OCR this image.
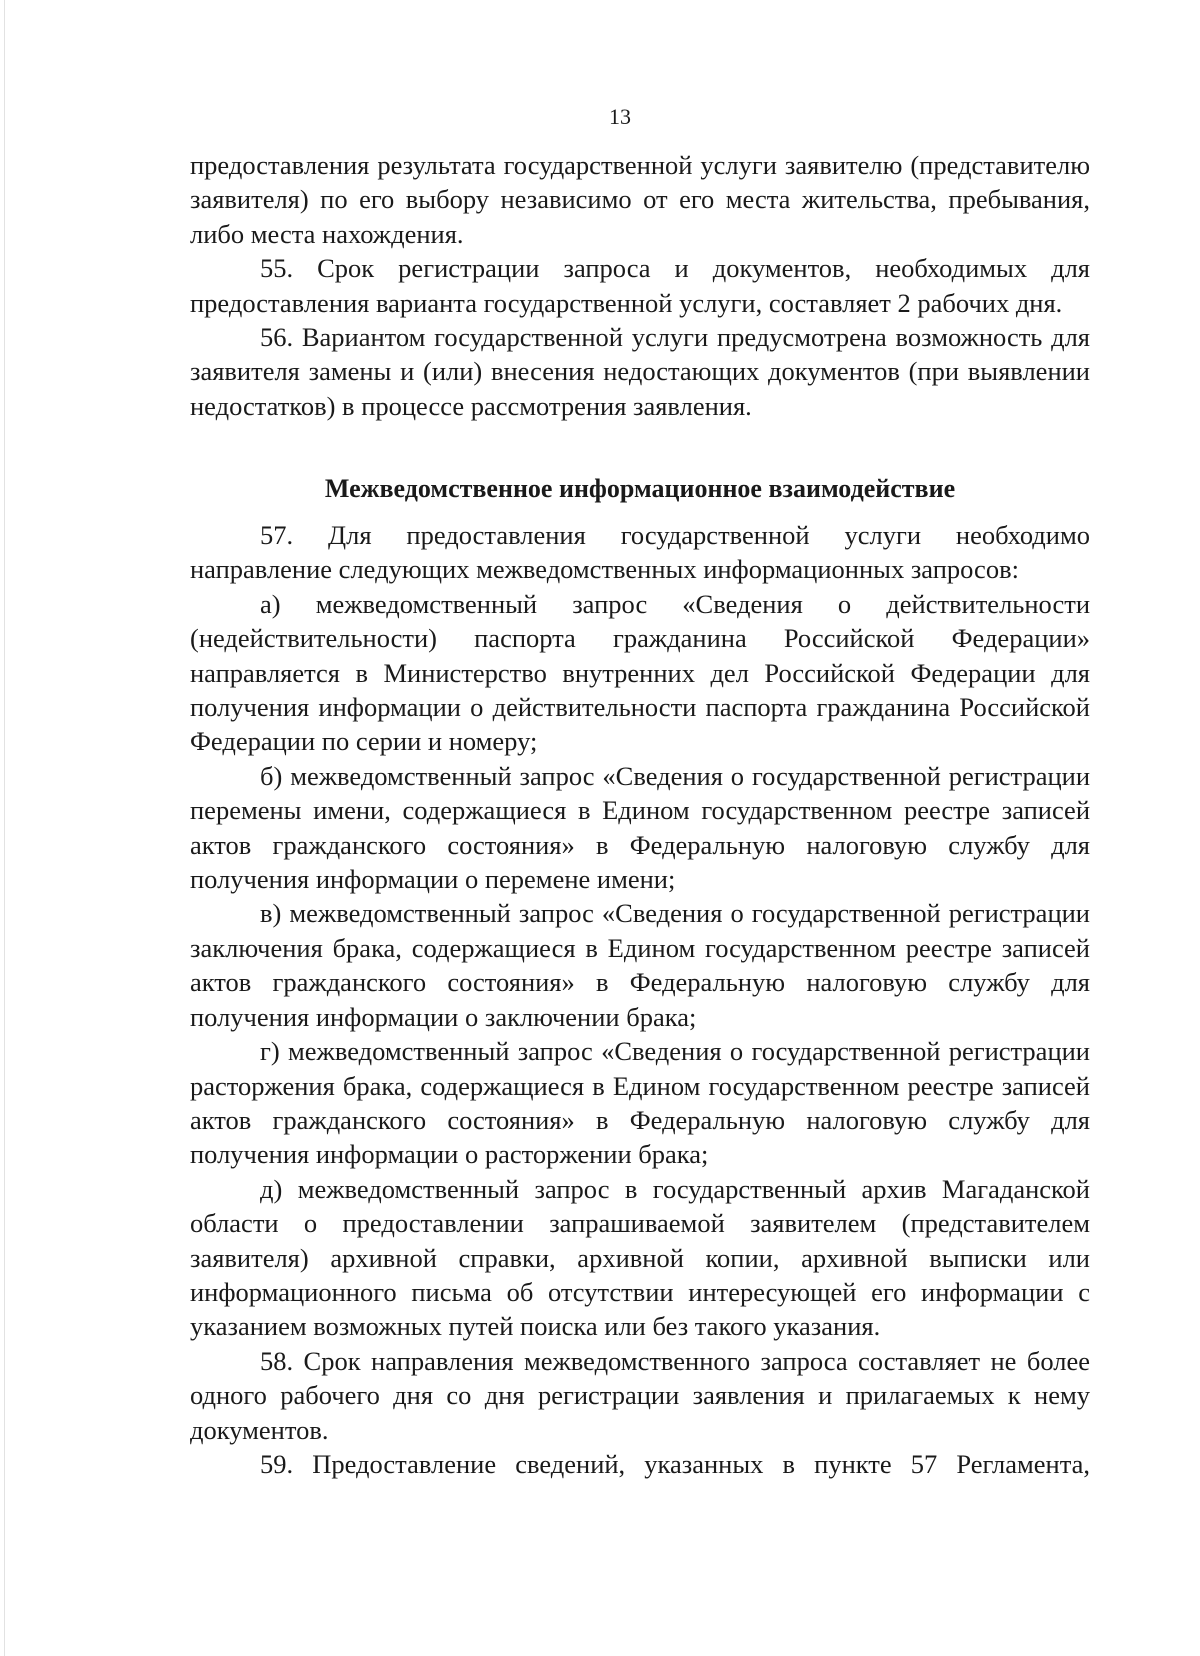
13

предоставления результата государственной услуги заявителю (представителю заявителя) по его выбору независимо от его места жительства, пребывания, либо места нахождения.

55. Срок регистрации запроса и документов, необходимых для предоставления варианта государственной услуги, составляет 2 рабочих дня.

56. Вариантом государственной услуги предусмотрена возможность для заявителя замены и (или) внесения недостающих документов (при выявлении недостатков) в процессе рассмотрения заявления.

Межведомственное информационное взаимодействие

57. Для предоставления государственной услуги необходимо направление следующих межведомственных информационных запросов:

а) межведомственный запрос «Сведения о действительности (недействительности) паспорта гражданина Российской Федерации» направляется в Министерство внутренних дел Российской Федерации для получения информации о действительности паспорта гражданина Российской Федерации по серии и номеру;

б) межведомственный запрос «Сведения о государственной регистрации перемены имени, содержащиеся в Едином государственном реестре записей актов гражданского состояния» в Федеральную налоговую службу для получения информации о перемене имени;

в) межведомственный запрос «Сведения о государственной регистрации заключения брака, содержащиеся в Едином государственном реестре записей актов гражданского состояния» в Федеральную налоговую службу для получения информации о заключении брака;

г) межведомственный запрос «Сведения о государственной регистрации расторжения брака, содержащиеся в Едином государственном реестре записей актов гражданского состояния» в Федеральную налоговую службу для получения информации о расторжении брака;

д) межведомственный запрос в государственный архив Магаданской области о предоставлении запрашиваемой заявителем (представителем заявителя) архивной справки, архивной копии, архивной выписки или информационного письма об отсутствии интересующей его информации с указанием возможных путей поиска или без такого указания.

58. Срок направления межведомственного запроса составляет не более одного рабочего дня со дня регистрации заявления и прилагаемых к нему документов.

59. Предоставление сведений, указанных в пункте 57 Регламента,
